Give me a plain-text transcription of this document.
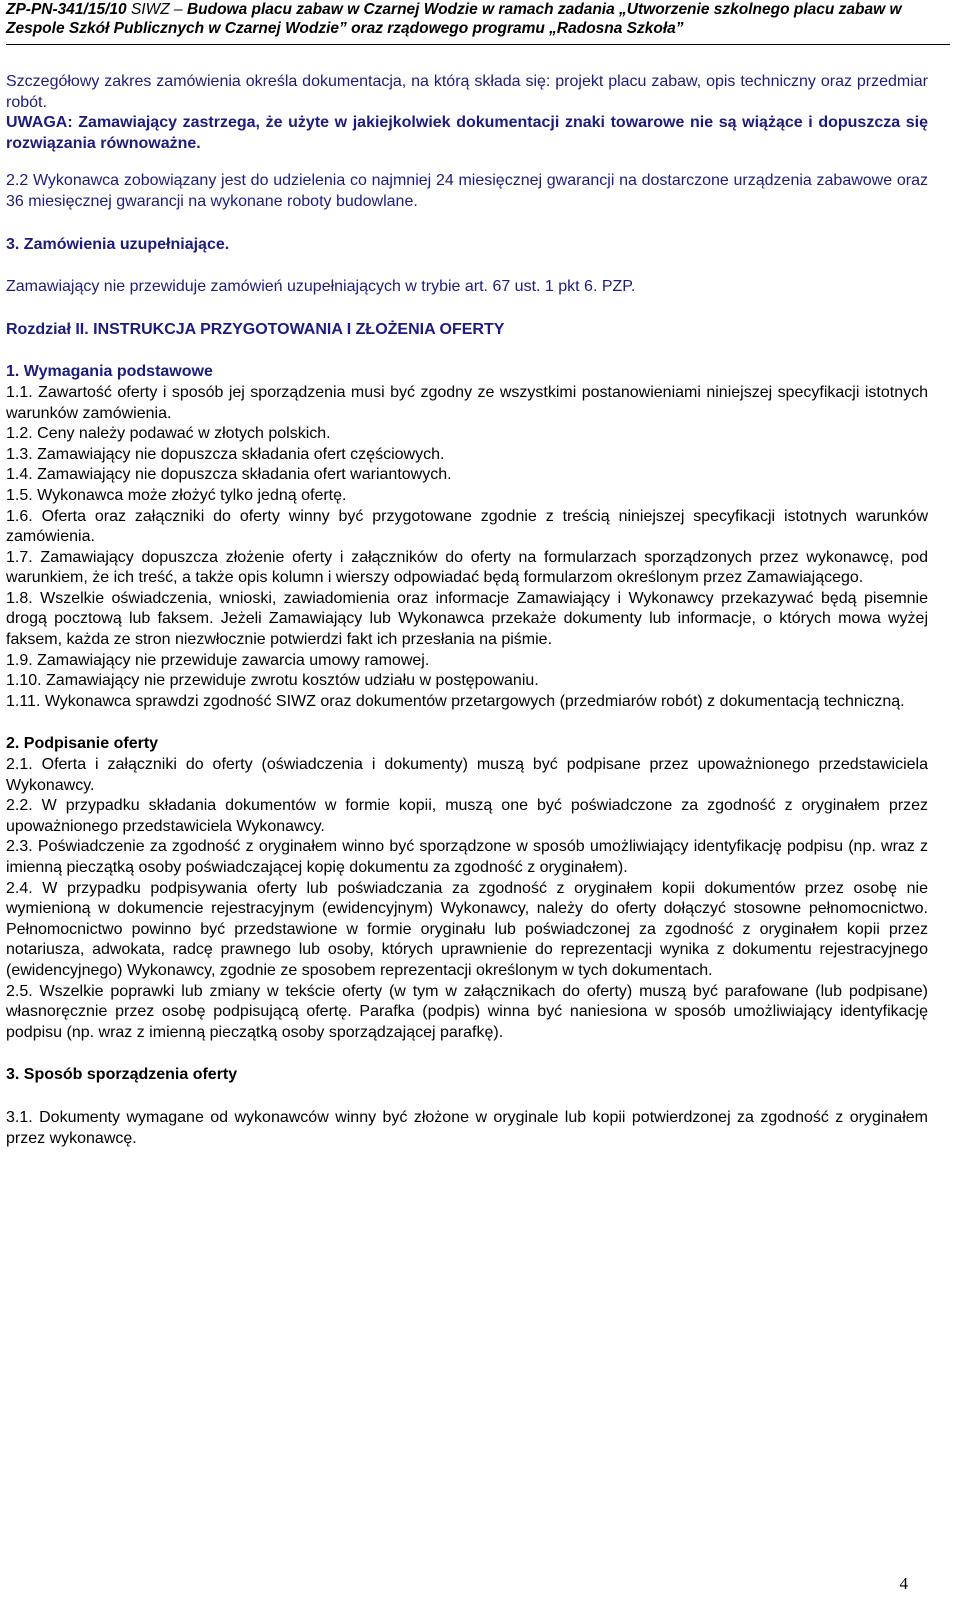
ZP-PN-341/15/10 SIWZ – Budowa placu zabaw w Czarnej Wodzie w ramach zadania „Utworzenie szkolnego placu zabaw w
Zespole Szkół Publicznych w Czarnej Wodzie” oraz rządowego programu „Radosna Szkoła”

Szczegółowy zakres zamówienia określa dokumentacja, na którą składa się: projekt placu zabaw, opis techniczny oraz przedmiar robót.

UWAGA: Zamawiający zastrzega, że użyte w jakiejkolwiek dokumentacji znaki towarowe nie są wiążące i dopuszcza się rozwiązania równoważne.

2.2 Wykonawca zobowiązany jest do udzielenia co najmniej 24 miesięcznej gwarancji na dostarczone urządzenia zabawowe oraz 36 miesięcznej gwarancji na wykonane roboty budowlane.

3. Zamówienia uzupełniające.

Zamawiający nie przewiduje zamówień uzupełniających w trybie art. 67 ust. 1 pkt 6. PZP.

Rozdział II. INSTRUKCJA PRZYGOTOWANIA I ZŁOŻENIA OFERTY

1. Wymagania podstawowe

1.1. Zawartość oferty i sposób jej sporządzenia musi być zgodny ze wszystkimi postanowieniami niniejszej specyfikacji istotnych warunków zamówienia.

1.2. Ceny należy podawać w złotych polskich.

1.3. Zamawiający nie dopuszcza składania ofert częściowych.

1.4. Zamawiający nie dopuszcza składania ofert wariantowych.

1.5. Wykonawca może złożyć tylko jedną ofertę.

1.6. Oferta oraz załączniki do oferty winny być przygotowane zgodnie z treścią niniejszej specyfikacji istotnych warunków zamówienia.

1.7. Zamawiający dopuszcza złożenie oferty i załączników do oferty na formularzach sporządzonych przez wykonawcę, pod warunkiem, że ich treść, a także opis kolumn i wierszy odpowiadać będą formularzom określonym przez Zamawiającego.

1.8. Wszelkie oświadczenia, wnioski, zawiadomienia oraz informacje Zamawiający i Wykonawcy przekazywać będą pisemnie drogą pocztową lub faksem. Jeżeli Zamawiający lub Wykonawca przekaże dokumenty lub informacje, o których mowa wyżej faksem, każda ze stron niezwłocznie potwierdzi fakt ich przesłania na piśmie.

1.9. Zamawiający nie przewiduje zawarcia umowy ramowej.

1.10. Zamawiający nie przewiduje zwrotu kosztów udziału w postępowaniu.

1.11. Wykonawca sprawdzi zgodność SIWZ oraz dokumentów przetargowych (przedmiarów robót) z dokumentacją techniczną.

2. Podpisanie oferty

2.1. Oferta i załączniki do oferty (oświadczenia i dokumenty) muszą być podpisane przez upoważnionego przedstawiciela Wykonawcy.

2.2. W przypadku składania dokumentów w formie kopii, muszą one być poświadczone za zgodność z oryginałem przez upoważnionego przedstawiciela Wykonawcy.

2.3. Poświadczenie za zgodność z oryginałem winno być sporządzone w sposób umożliwiający identyfikację podpisu (np. wraz z imienną pieczątką osoby poświadczającej kopię dokumentu za zgodność z oryginałem).

2.4. W przypadku podpisywania oferty lub poświadczania za zgodność z oryginałem kopii dokumentów przez osobę nie wymienioną w dokumencie rejestracyjnym (ewidencyjnym) Wykonawcy, należy do oferty dołączyć stosowne pełnomocnictwo. Pełnomocnictwo powinno być przedstawione w formie oryginału lub poświadczonej za zgodność z oryginałem kopii przez notariusza, adwokata, radcę prawnego lub osoby, których uprawnienie do reprezentacji wynika z dokumentu rejestracyjnego (ewidencyjnego) Wykonawcy, zgodnie ze sposobem reprezentacji określonym w tych dokumentach.

2.5. Wszelkie poprawki lub zmiany w tekście oferty (w tym w załącznikach do oferty) muszą być parafowane (lub podpisane) własnoręcznie przez osobę podpisującą ofertę. Parafka (podpis) winna być naniesiona w sposób umożliwiający identyfikację podpisu (np. wraz z imienną pieczątką osoby sporządzającej parafkę).

3. Sposób sporządzenia oferty

3.1. Dokumenty wymagane od wykonawców winny być złożone w oryginale lub kopii potwierdzonej za zgodność z oryginałem przez wykonawcę.

4
